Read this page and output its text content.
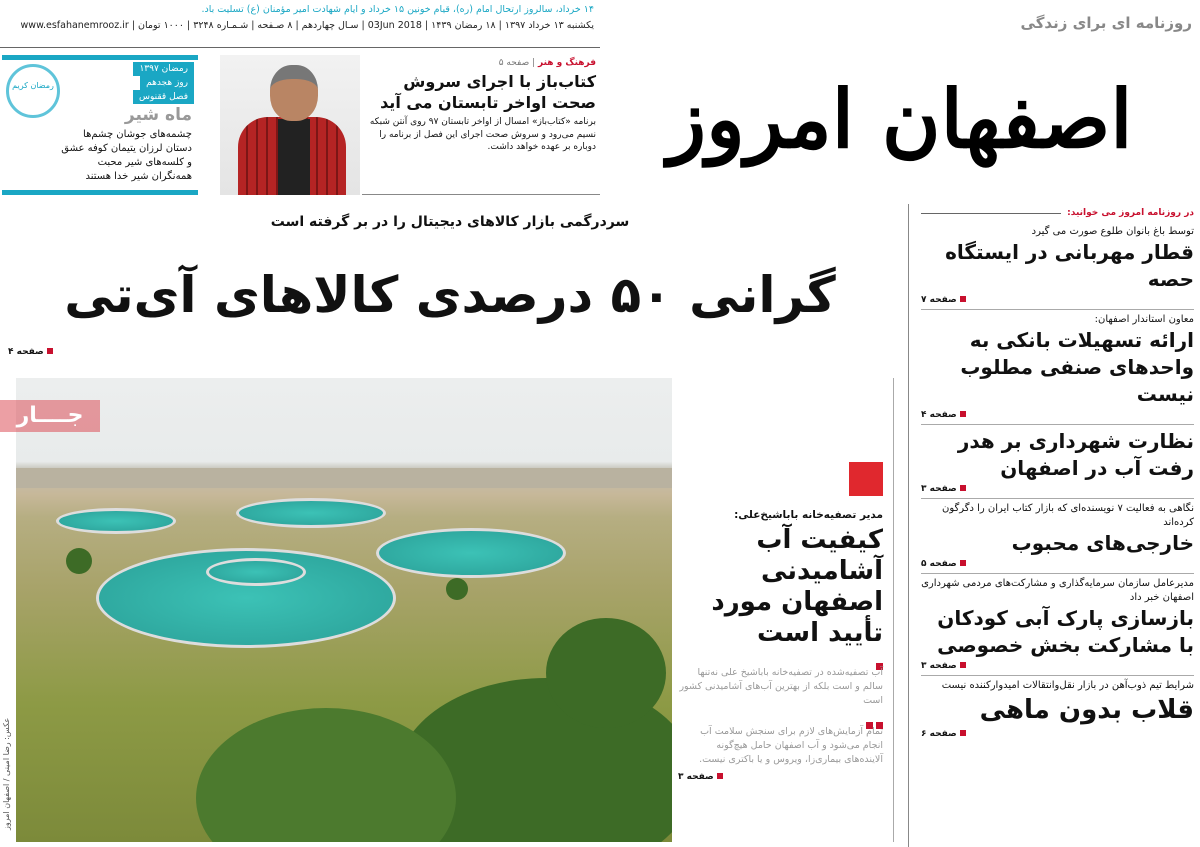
۱۴ خرداد، سالروز ارتحال امام (ره)، قیام خونین ۱۵ خرداد و ایام شهادت امیر مؤمنان (ع) تسلیت باد.
یکشنبه ۱۳ خرداد ۱۳۹۷ | ۱۸ رمضان ۱۴۳۹ | 03Jun 2018 | سـال چهاردهم | ۸ صـفحه | شـمـاره ۳۲۴۸ | ۱۰۰۰ تومان | www.esfahanemrooz.ir	روزنامه ای برای زندگی
اصفهان امروز
رمضان کریم
رمضان ۱۳۹۷
روز هجدهم
فصل ققنوس
ماه شیر
چشمه‌های جوشان چشم‌ها
دستان لرزان یتیمان کوفه عشق
و کلسه‌های شیر محبت
همه‌نگران شیر خدا هستند
فرهنگ و هنر | صفحه ۵
کتاب‌باز با اجرای سروش صحت اواخر تابستان می آید

برنامه «کتاب‌باز» امسال از اواخر تابستان ۹۷ روی آنتن شبکه نسیم می‌رود و سروش صحت اجرای این فصل از برنامه را دوباره بر عهده خواهد داشت.

سردرگمی بازار کالاهای دیجیتال را در بر گرفته است
گرانی ۵۰ درصدی کالاهای آی‌تی
صفحه ۴
جــــار
عکس: رضا امینی / اصفهان امروز
مدیر تصفیه‌خانه باباشیخ‌علی:
کیفیت آب آشامیدنی اصفهان مورد تأیید است

آب تصفیه‌شده در تصفیه‌خانه باباشیخ علی نه‌تنها سالم و است بلکه از بهترین آب‌های آشامیدنی کشور است

تمام آزمایش‌های لازم برای سنجش سلامت آب انجام می‌شود و آب اصفهان حامل هیچ‌گونه آلاینده‌های بیماری‌زا، ویروس و یا باکتری نیست.

صفحه ۳
در روزنامه امروز می خوانید:
توسط باغ بانوان طلوع صورت می گیرد
قطار مهربانی در ایستگاه حصه
صفحه ۷
معاون استاندار اصفهان:
ارائه تسهیلات بانکی به واحدهای صنفی مطلوب نیست
صفحه ۴
نظارت شهرداری بر هدر رفت آب در اصفهان
صفحه ۳
نگاهی به فعالیت ۷ نویسنده‌ای که بازار کتاب ایران را دگرگون کرده‌اند
خارجی‌های محبوب
صفحه ۵
مدیرعامل سازمان سرمایه‌گذاری و مشارکت‌های مردمی شهرداری اصفهان خبر داد
بازسازی پارک آبی کودکان با مشارکت بخش خصوصی
صفحه ۳
شرایط تیم ذوب‌آهن در بازار نقل‌وانتقالات امیدوارکننده نیست
قلاب بدون ماهی
صفحه ۶
